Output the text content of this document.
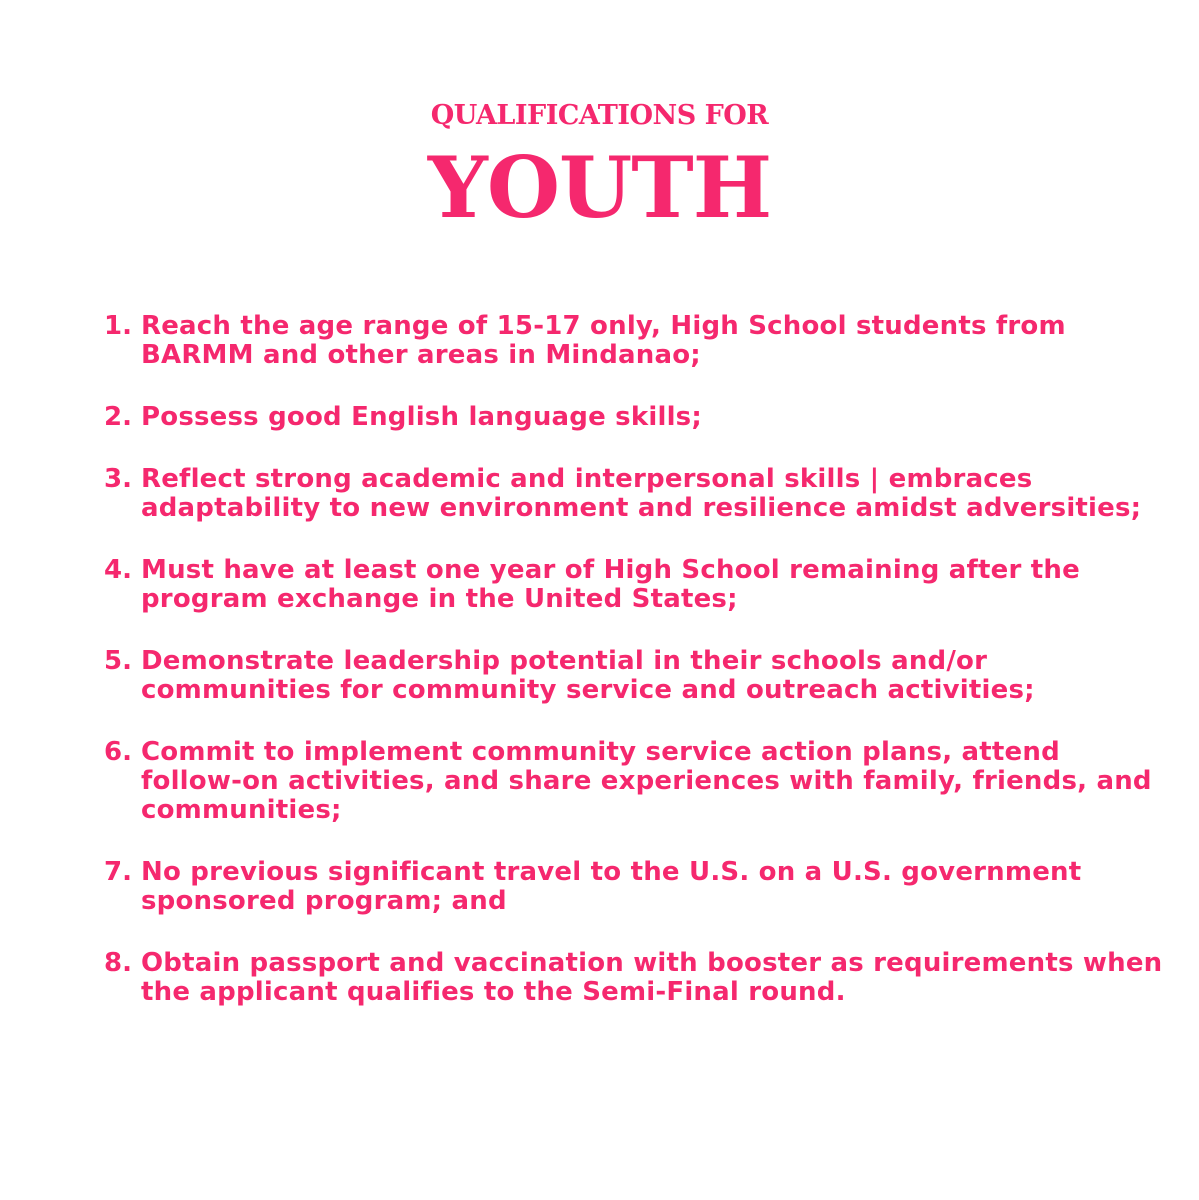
QUALIFICATIONS FOR
YOUTH
1. Reach the age range of 15-17 only, High School students from BARMM and other areas in Mindanao;
2. Possess good English language skills;
3. Reflect strong academic and interpersonal skills | embraces adaptability to new environment and resilience amidst adversities;
4. Must have at least one year of High School remaining after the program exchange in the United States;
5. Demonstrate leadership potential in their schools and/or communities for community service and outreach activities;
6. Commit to implement community service action plans, attend follow-on activities, and share experiences with family, friends, and communities;
7. No previous significant travel to the U.S. on a U.S. government sponsored program; and
8. Obtain passport and vaccination with booster as requirements when the applicant qualifies to the Semi-Final round.
